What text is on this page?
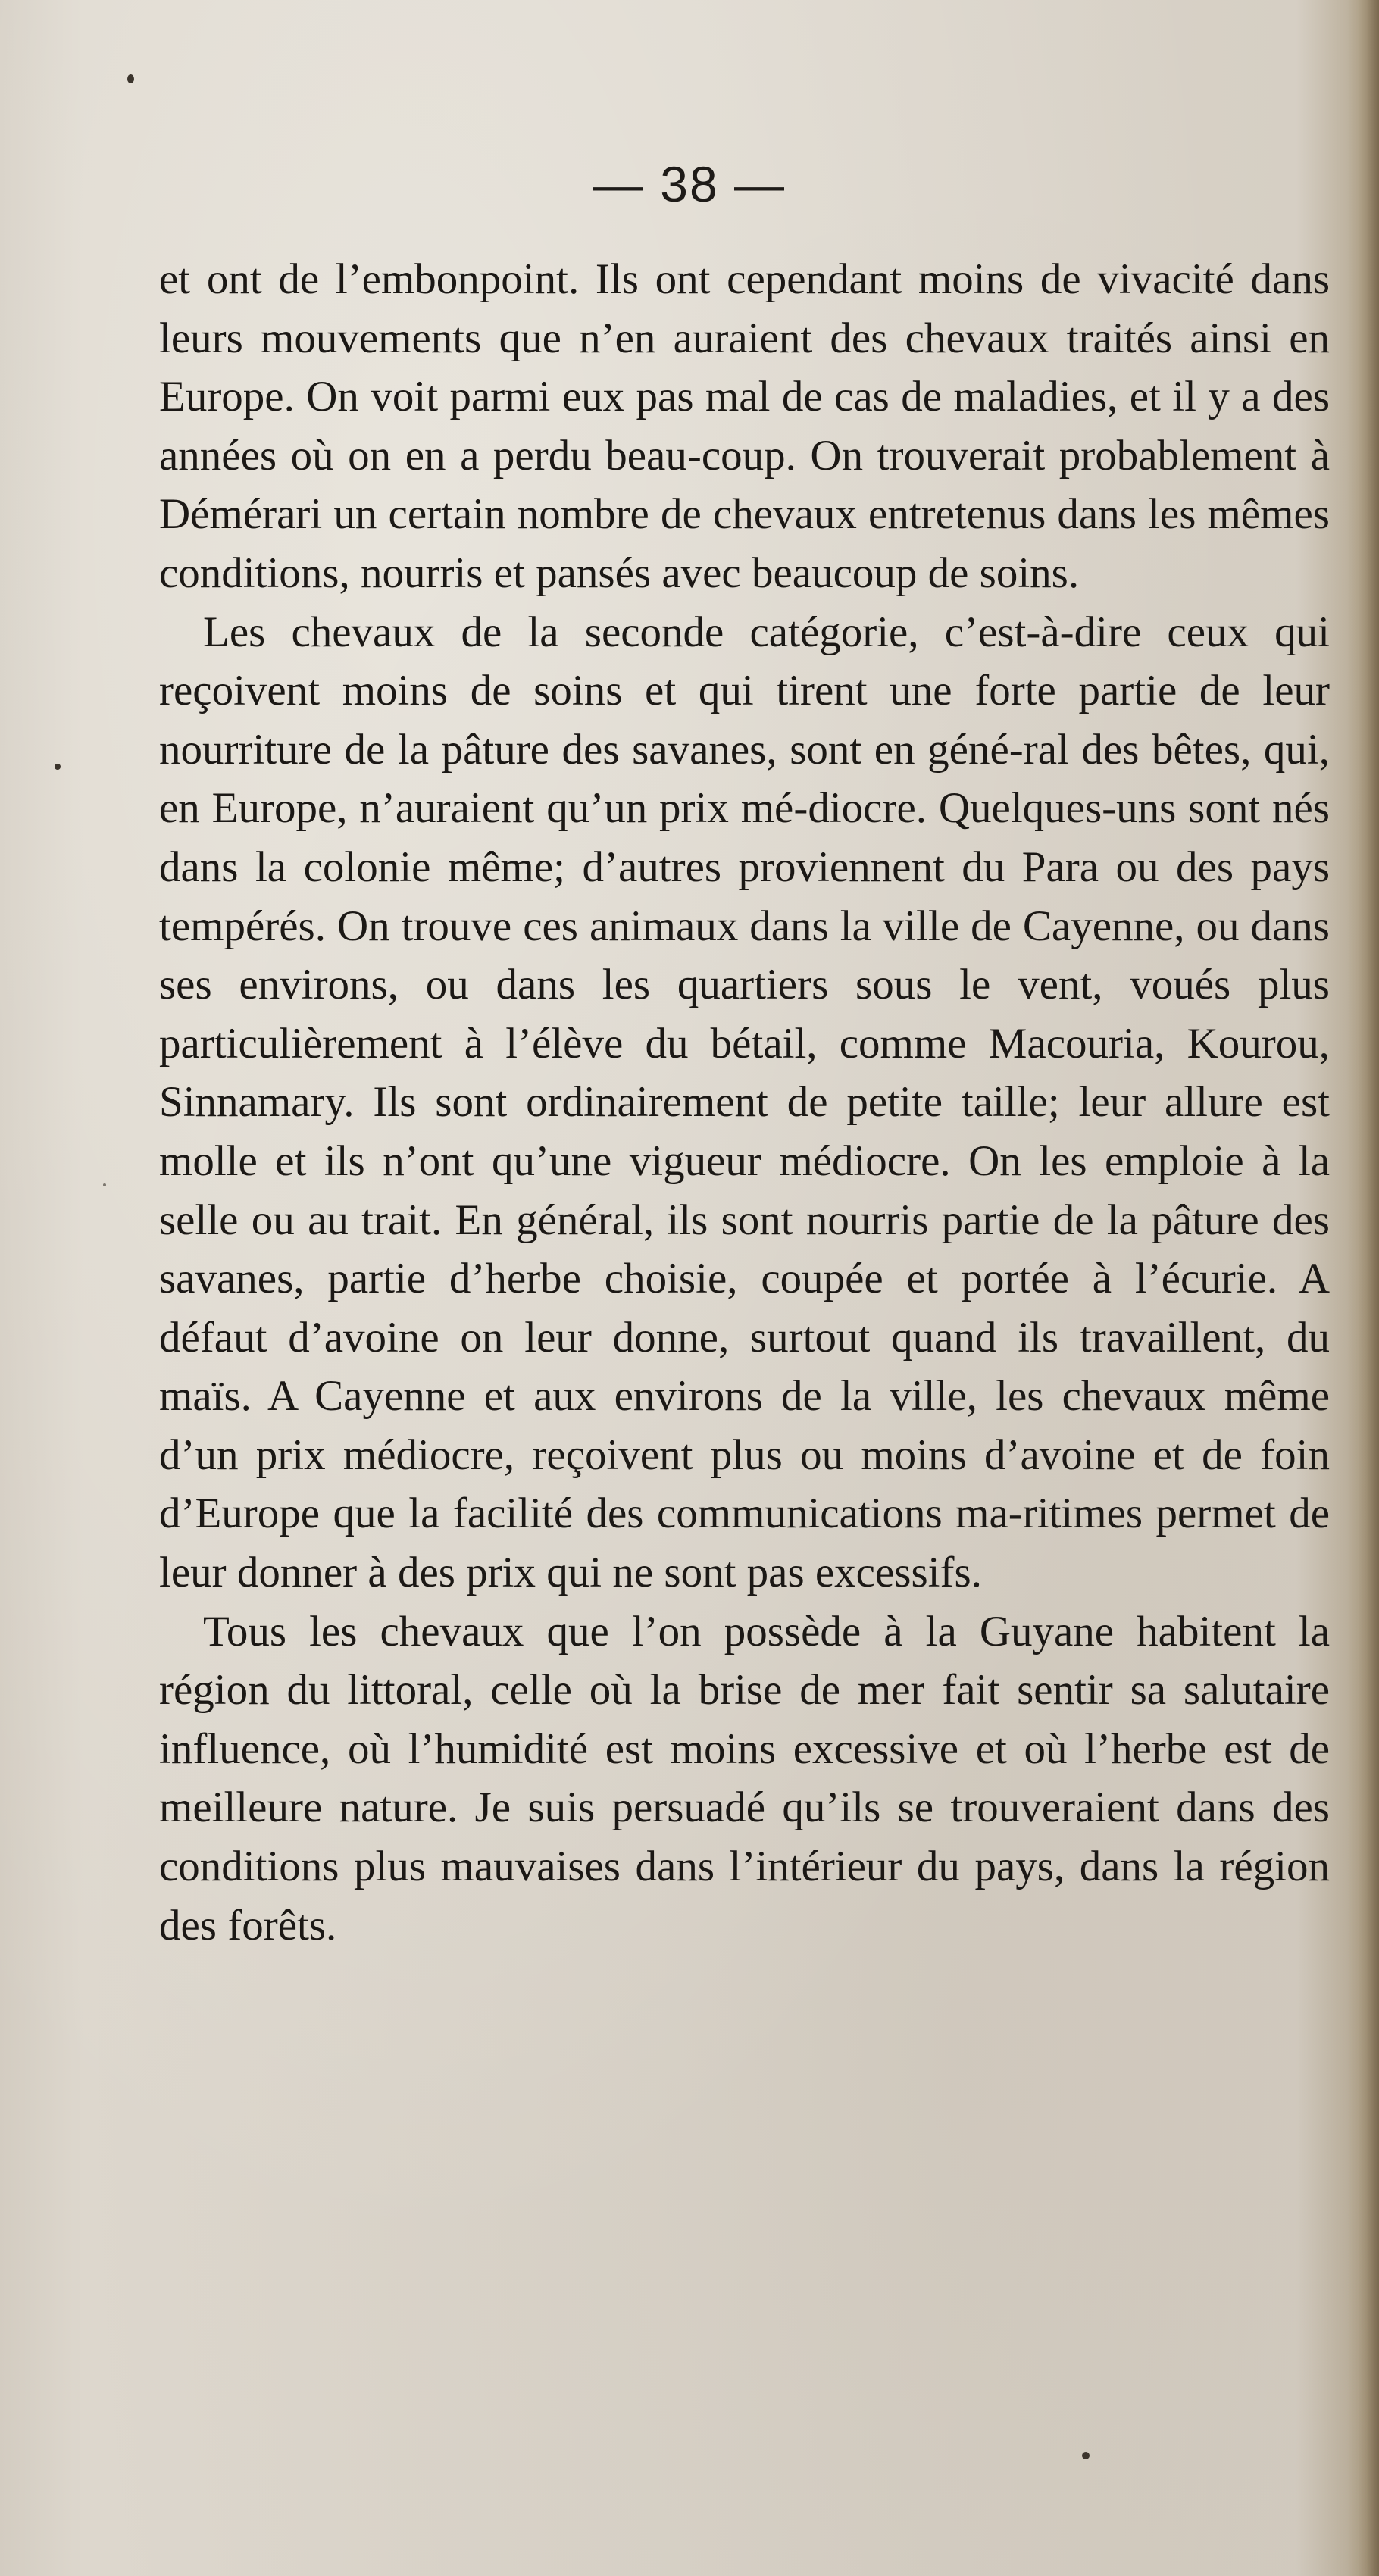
— 38 —

et ont de l’embonpoint. Ils ont cependant moins de vivacité dans leurs mouvements que n’en auraient des chevaux traités ainsi en Europe. On voit parmi eux pas mal de cas de maladies, et il y a des années où on en a perdu beau-coup. On trouverait probablement à Démérari un certain nombre de chevaux entretenus dans les mêmes conditions, nourris et pansés avec beaucoup de soins.

Les chevaux de la seconde catégorie, c’est-à-dire ceux qui reçoivent moins de soins et qui tirent une forte partie de leur nourriture de la pâture des savanes, sont en géné-ral des bêtes, qui, en Europe, n’auraient qu’un prix mé-diocre. Quelques-uns sont nés dans la colonie même; d’autres proviennent du Para ou des pays tempérés. On trouve ces animaux dans la ville de Cayenne, ou dans ses environs, ou dans les quartiers sous le vent, voués plus particulièrement à l’élève du bétail, comme Macouria, Kourou, Sinnamary. Ils sont ordinairement de petite taille; leur allure est molle et ils n’ont qu’une vigueur médiocre. On les emploie à la selle ou au trait. En général, ils sont nourris partie de la pâture des savanes, partie d’herbe choisie, coupée et portée à l’écurie. A défaut d’avoine on leur donne, surtout quand ils travaillent, du maïs. A Cayenne et aux environs de la ville, les chevaux même d’un prix médiocre, reçoivent plus ou moins d’avoine et de foin d’Europe que la facilité des communications ma-ritimes permet de leur donner à des prix qui ne sont pas excessifs.

Tous les chevaux que l’on possède à la Guyane habitent la région du littoral, celle où la brise de mer fait sentir sa salutaire influence, où l’humidité est moins excessive et où l’herbe est de meilleure nature. Je suis persuadé qu’ils se trouveraient dans des conditions plus mauvaises dans l’intérieur du pays, dans la région des forêts.
